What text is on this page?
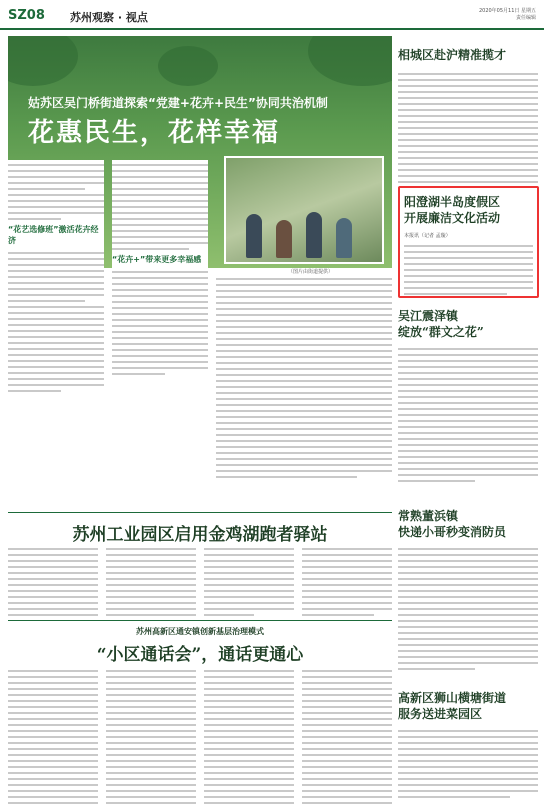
SZ08 苏州观察 · 视点	2020年05月11日 星期五
责任编辑
姑苏区吴门桥街道探索“党建+花卉+民生”协同共治机制
花惠民生，花样幸福
“花艺选修班”激活花卉经济
“花卉+”带来更多幸福感
（图片由街道提供）
苏州工业园区启用金鸡湖跑者驿站
苏州高新区通安镇创新基层治理模式
“小区通话会”，通话更通心
相城区赴沪精准揽才
阳澄湖半岛度假区
开展廉洁文化活动
本报讯（记者 孟璇）
吴江震泽镇
绽放“群文之花”
常熟董浜镇
快递小哥秒变消防员
高新区狮山横塘街道
服务送进菜园区
